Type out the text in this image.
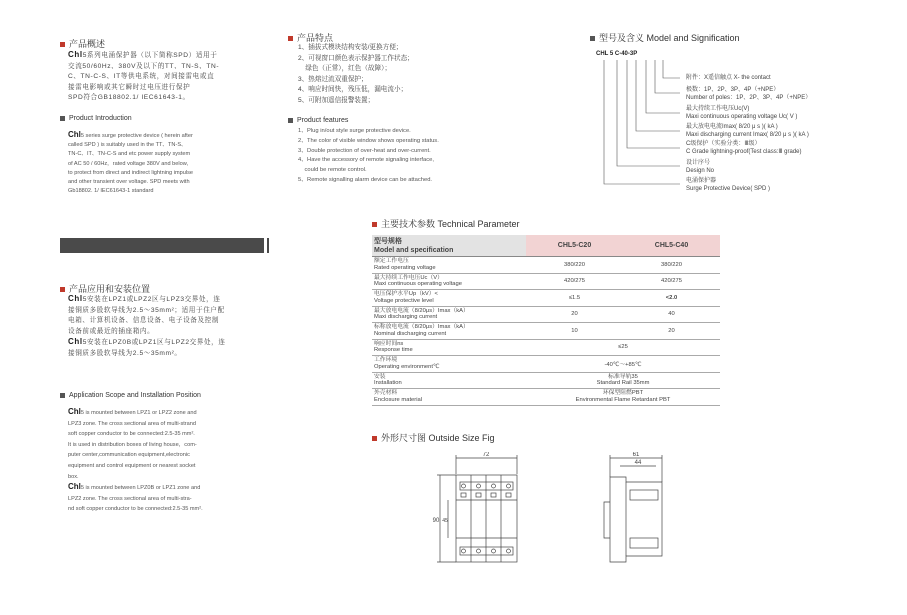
产品概述
Chl5系列电涌保护器（以下简称SPD）适用于
交流50/60Hz、380V及以下的TT、TN-S、TN-
C、TN-C-S、IT等供电系统，对间接雷电或直
接雷电影响或其它瞬时过电压进行保护
SPD符合GB18802.1/ IEC61643-1。
Product Introduction
Chl5 series surge protective device ( herein after
called SPD ) is suitably used in the TT、TN-S、
TN-C、IT、TN-C-S and etc power supply system
of AC 50 / 60Hz，rated voltage 380V and below,
to protect from direct and indirect lightning impulse
and other transient over voltage. SPD meets with
Gb18802. 1/ IEC61643-1 standard
产品应用和安装位置
Chl5安装在LPZ1或LPZ2区与LPZ3交界处，连
接铜质多股软导线为2.5～35mm²；适用于住户配
电箱、计算机设备、信息设备、电子设备及控制
设备前或最近的插座箱内。
Chl5安装在LPZ0B或LPZ1区与LPZ2交界处，连
接铜质多股软导线为2.5～35mm²。
Application Scope and Installation Position
Chl5 is mounted between LPZ1 or LPZ2 zone and
LPZ3 zone. The cross sectional area of multi-strand
soft copper conductor to be connected:2.5-35 mm².
It is used in distribution boxes of living house，com-
puter center,communication equipment,electronic
equipment and control equipment or nearest socket
box.
Chl5 is mounted between LPZ0B or LPZ1 zone and
LPZ2 zone. The cross sectional area of multi-stra-
nd soft copper conductor to be connected:2.5-35 mm².
产品特点
1、插拔式模块结构安装/更换方便；
2、可视窗口颜色表示保护器工作状态；
绿色（正常），红色（故障）；
3、热熔过流双重保护；
4、响应时间快，残压低，漏电流小；
5、可附加遥信报警装置；
Product features
1、Plug in/out style surge protective device.
2、The color of visible window shows operating status.
3、Double protection of over-heat and over-current.
4、Have the accessory of remote signaling interface,
could be remote control.
5、Remote signalling alarm device can be attached.
型号及含义 Model and Signification
CHL 5 C-40-3P
附件：X遥信触点 X- the contact
极数：1P、2P、3P、4P（+NPE）
Number of poles：1P、2P、3P、4P（+NPE）
最大持续工作电压Uc(V)
Maxi continuous operating voltage Uc( V )
最大放电电流Imax( 8/20 μ s )( kA )
Maxi discharging current Imax( 8/20 μ s )( kA )
C级保护（实验分类：Ⅲ级）
C Grade lightning-proof(Test class:Ⅲ grade)
设计序号
Design No
电涌保护器
Surge Protective Device( SPD )
主要技术参数 Technical Parameter
型号规格
Model and specification	CHL5-C20	CHL5-C40
额定工作电压
Rated operating voltage	380/220	380/220
最大持续工作电压Uc（V）
Maxi continuous operating voltage	420/275	420/275
电压保护水平Up（kV）<
Voltage protective level	≤1.5	<2.0
最大放电电流（8/20μs）Imax（kA）
Maxi discharging current	20	40
标称放电电流（8/20μs）Imax（kA）
Nominal discharging current	10	20
响应时间ns
Response time	≤25	
工作环境
Operating environment℃	-40℃～+85℃	
安装
Installation	标准导轨35
Standard Rail 35mm	
外壳材料
Enclosure material	环保型阻燃PBT
Environmental Flame Retardant PBT	
外形尺寸图 Outside Size Fig
72
90 45
61
44
